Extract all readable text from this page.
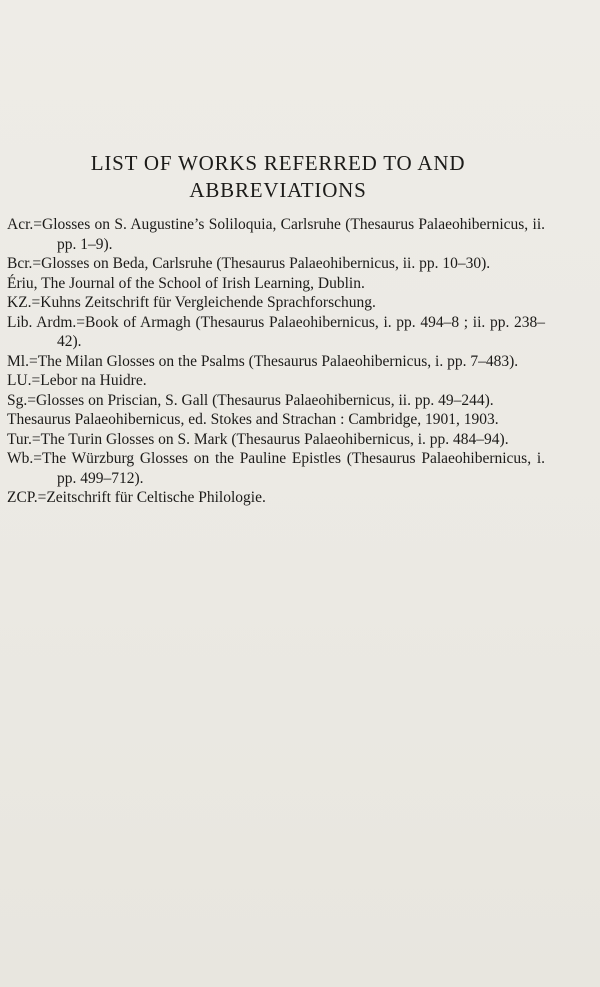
LIST OF WORKS REFERRED TO AND
ABBREVIATIONS

Acr.=Glosses on S. Augustine’s Soliloquia, Carlsruhe (Thesaurus Palaeohibernicus, ii. pp. 1–9).

Bcr.=Glosses on Beda, Carlsruhe (Thesaurus Palaeohibernicus, ii. pp. 10–30).

Ériu, The Journal of the School of Irish Learning, Dublin.

KZ.=Kuhns Zeitschrift für Vergleichende Sprachforschung.

Lib. Ardm.=Book of Armagh (Thesaurus Palaeohibernicus, i. pp. 494–8 ; ii. pp. 238–42).

Ml.=The Milan Glosses on the Psalms (Thesaurus Palaeohibernicus, i. pp. 7–483).

LU.=Lebor na Huidre.

Sg.=Glosses on Priscian, S. Gall (Thesaurus Palaeohibernicus, ii. pp. 49–244).

Thesaurus Palaeohibernicus, ed. Stokes and Strachan : Cambridge, 1901, 1903.

Tur.=The Turin Glosses on S. Mark (Thesaurus Palaeohibernicus, i. pp. 484–94).

Wb.=The Würzburg Glosses on the Pauline Epistles (Thesaurus Palaeohibernicus, i. pp. 499–712).

ZCP.=Zeitschrift für Celtische Philologie.
